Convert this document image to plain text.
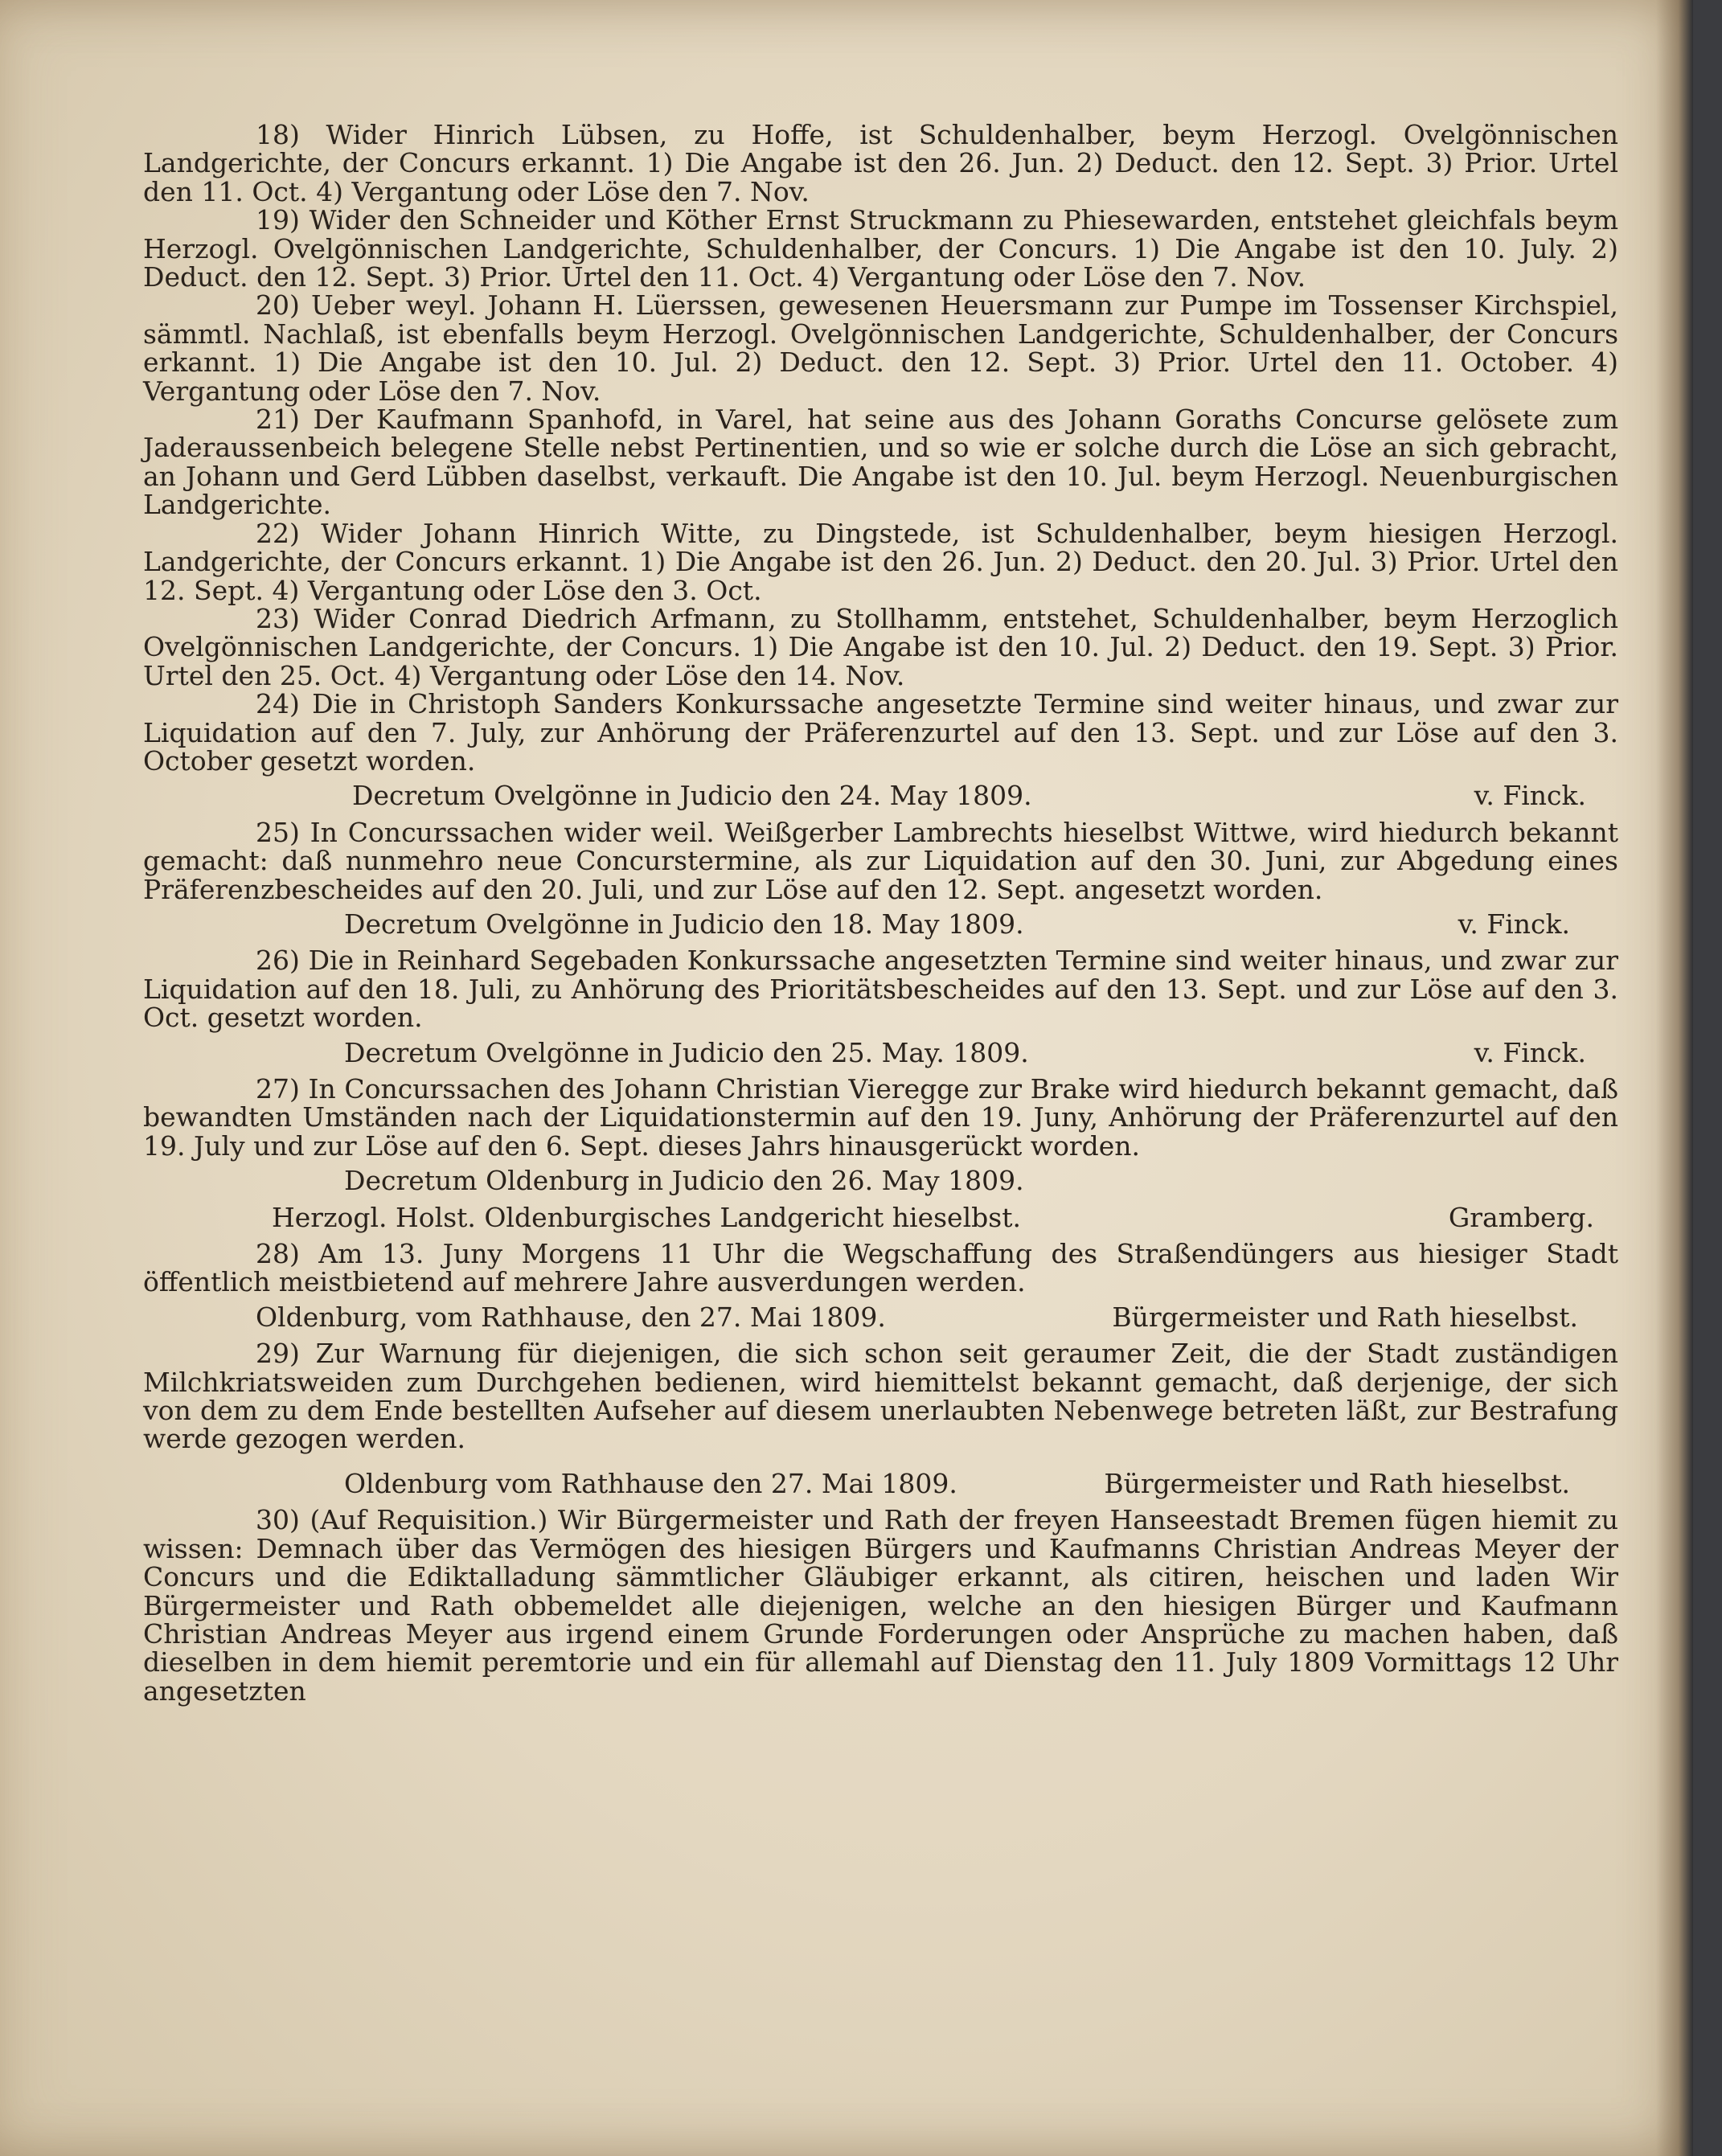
18) Wider Hinrich Lübsen, zu Hoffe, ist Schuldenhalber, beym Herzogl. Ovelgönnischen Landgerichte, der Concurs erkannt. 1) Die Angabe ist den 26. Jun. 2) Deduct. den 12. Sept. 3) Prior. Urtel den 11. Oct. 4) Vergantung oder Löse den 7. Nov.

19) Wider den Schneider und Köther Ernst Struckmann zu Phiesewarden, entstehet gleichfals beym Herzogl. Ovelgönnischen Landgerichte, Schuldenhalber, der Concurs. 1) Die Angabe ist den 10. July. 2) Deduct. den 12. Sept. 3) Prior. Urtel den 11. Oct. 4) Vergantung oder Löse den 7. Nov.

20) Ueber weyl. Johann H. Lüerssen, gewesenen Heuersmann zur Pumpe im Tossenser Kirchspiel, sämmtl. Nachlaß, ist ebenfalls beym Herzogl. Ovelgönnischen Landgerichte, Schuldenhalber, der Concurs erkannt. 1) Die Angabe ist den 10. Jul. 2) Deduct. den 12. Sept. 3) Prior. Urtel den 11. October. 4) Vergantung oder Löse den 7. Nov.

21) Der Kaufmann Spanhofd, in Varel, hat seine aus des Johann Goraths Concurse gelösete zum Jaderaussenbeich belegene Stelle nebst Pertinentien, und so wie er solche durch die Löse an sich gebracht, an Johann und Gerd Lübben daselbst, verkauft. Die Angabe ist den 10. Jul. beym Herzogl. Neuenburgischen Landgerichte.

22) Wider Johann Hinrich Witte, zu Dingstede, ist Schuldenhalber, beym hiesigen Herzogl. Landgerichte, der Concurs erkannt. 1) Die Angabe ist den 26. Jun. 2) Deduct. den 20. Jul. 3) Prior. Urtel den 12. Sept. 4) Vergantung oder Löse den 3. Oct.

23) Wider Conrad Diedrich Arfmann, zu Stollhamm, entstehet, Schuldenhalber, beym Herzoglich Ovelgönnischen Landgerichte, der Concurs. 1) Die Angabe ist den 10. Jul. 2) Deduct. den 19. Sept. 3) Prior. Urtel den 25. Oct. 4) Vergantung oder Löse den 14. Nov.

24) Die in Christoph Sanders Konkurssache angesetzte Termine sind weiter hinaus, und zwar zur Liquidation auf den 7. July, zur Anhörung der Präferenzurtel auf den 13. Sept. und zur Löse auf den 3. October gesetzt worden.

Decretum Ovelgönne in Judicio den 24. May 1809.	v. Finck.

25) In Concurssachen wider weil. Weißgerber Lambrechts hieselbst Wittwe, wird hiedurch bekannt gemacht: daß nunmehro neue Concurstermine, als zur Liquidation auf den 30. Juni, zur Abgedung eines Präferenzbescheides auf den 20. Juli, und zur Löse auf den 12. Sept. angesetzt worden.

Decretum Ovelgönne in Judicio den 18. May 1809.	v. Finck.

26) Die in Reinhard Segebaden Konkurssache angesetzten Termine sind weiter hinaus, und zwar zur Liquidation auf den 18. Juli, zu Anhörung des Prioritätsbescheides auf den 13. Sept. und zur Löse auf den 3. Oct. gesetzt worden.

Decretum Ovelgönne in Judicio den 25. May. 1809.	v. Finck.

27) In Concurssachen des Johann Christian Vieregge zur Brake wird hiedurch bekannt gemacht, daß bewandten Umständen nach der Liquidationstermin auf den 19. Juny, Anhörung der Präferenzurtel auf den 19. July und zur Löse auf den 6. Sept. dieses Jahrs hinausgerückt worden.

Decretum Oldenburg in Judicio den 26. May 1809.
Herzogl. Holst. Oldenburgisches Landgericht hieselbst.	Gramberg.

28) Am 13. Juny Morgens 11 Uhr die Wegschaffung des Straßendüngers aus hiesiger Stadt öffentlich meistbietend auf mehrere Jahre ausverdungen werden.

Oldenburg, vom Rathhause, den 27. Mai 1809.	Bürgermeister und Rath hieselbst.

29) Zur Warnung für diejenigen, die sich schon seit geraumer Zeit, die der Stadt zuständigen Milchkriatsweiden zum Durchgehen bedienen, wird hiemittelst bekannt gemacht, daß derjenige, der sich von dem zu dem Ende bestellten Aufseher auf diesem unerlaubten Nebenwege betreten läßt, zur Bestrafung werde gezogen werden.

Oldenburg vom Rathhause den 27. Mai 1809.	Bürgermeister und Rath hieselbst.

30) (Auf Requisition.) Wir Bürgermeister und Rath der freyen Hanseestadt Bremen fügen hiemit zu wissen: Demnach über das Vermögen des hiesigen Bürgers und Kaufmanns Christian Andreas Meyer der Concurs und die Ediktalladung sämmtlicher Gläubiger erkannt, als citiren, heischen und laden Wir Bürgermeister und Rath obbemeldet alle diejenigen, welche an den hiesigen Bürger und Kaufmann Christian Andreas Meyer aus irgend einem Grunde Forderungen oder Ansprüche zu machen haben, daß dieselben in dem hiemit peremtorie und ein für allemahl auf Dienstag den 11. July 1809 Vormittags 12 Uhr angesetzten
